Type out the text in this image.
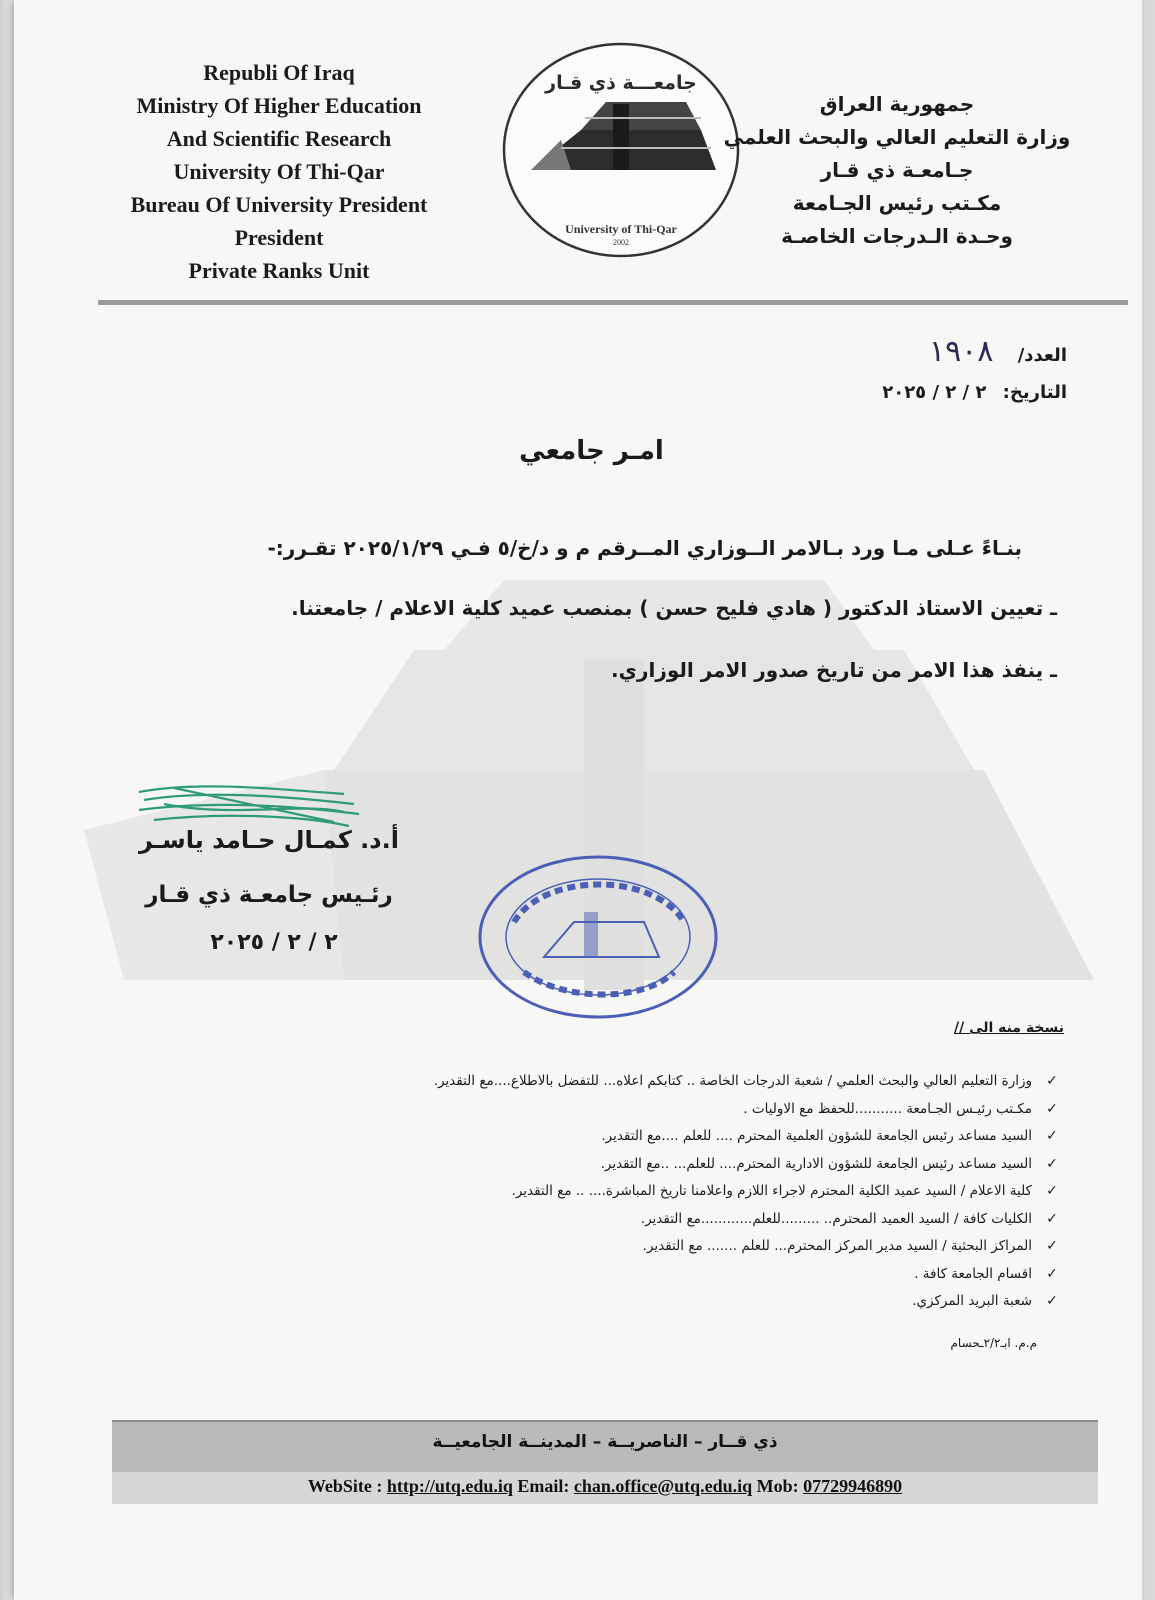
Republi Of Iraq
Ministry Of Higher Education
And Scientific Research
University Of Thi-Qar
Bureau Of University President
President
Private Ranks Unit
جامعـــة ذي قـار
University of Thi-Qar
2002
جمهورية العراق
وزارة التعليم العالي والبحث العلمي
جـامعـة ذي قـار
مكـتب رئيس الجـامعة
وحـدة الـدرجات الخاصـة
العدد/ ١٩٠٨
التاريخ: ٢ / ٢ / ٢٠٢٥
امـر جامعي
بنـاءً عـلى مـا ورد بـالامر الــوزاري المــرقم م و د/خ/٥ فـي ٢٠٢٥/١/٢٩ تقـرر:-
ـ تعيين الاستاذ الدكتور ( هادي فليح حسن ) بمنصب عميد كلية الاعلام / جامعتنا.
ـ ينفذ هذا الامر من تاريخ صدور الامر الوزاري.
أ.د. كمـال حـامد ياسـر
رئـيس جامعـة ذي قـار
٢ / ٢ / ٢٠٢٥
نسخة منه الى //
✓وزارة التعليم العالي والبحث العلمي / شعبة الدرجات الخاصة .. كتابكم اعلاه... للتفضل بالاطلاع....مع التقدير.
✓مكـتب رئيـس الجـامعة ...........للحفظ مع الاوليات .
✓السيد مساعد رئيس الجامعة للشؤون العلمية المحترم .... للعلم ....مع التقدير.
✓السيد مساعد رئيس الجامعة للشؤون الادارية المحترم.... للعلم... ..مع التقدير.
✓كلية الاعلام / السيد عميد الكلية المحترم لاجراء اللازم واعلامنا تاريخ المباشرة.... .. مع التقدير.
✓الكليات كافة / السيد العميد المحترم.. .........للعلم............مع التقدير.
✓المراكز البحثية / السيد مدير المركز المحترم... للعلم ....... مع التقدير.
✓اقسام الجامعة كافة .
✓شعبة البريد المركزي.
م.م. ابـ٢/٢ـحسام
ذي قــار – الناصريــة – المدينــة الجامعيــة
WebSite : http://utq.edu.iq Email: chan.office@utq.edu.iq Mob: 07729946890
